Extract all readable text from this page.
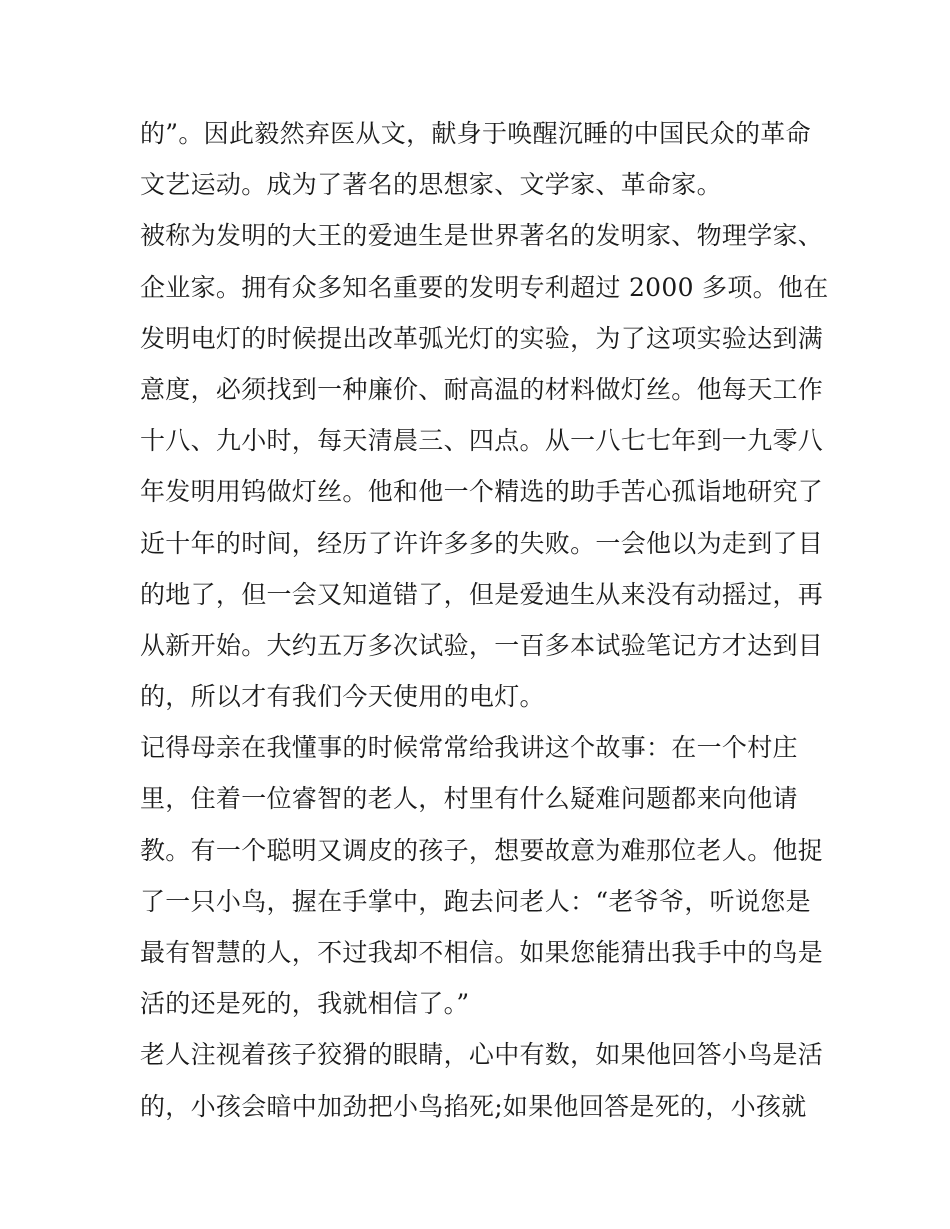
的”。因此毅然弃医从文，献身于唤醒沉睡的中国民众的革命
文艺运动。成为了著名的思想家、文学家、革命家。
被称为发明的大王的爱迪生是世界著名的发明家、物理学家、
企业家。拥有众多知名重要的发明专利超过 2000 多项。他在
发明电灯的时候提出改革弧光灯的实验，为了这项实验达到满
意度，必须找到一种廉价、耐高温的材料做灯丝。他每天工作
十八、九小时，每天清晨三、四点。从一八七七年到一九零八
年发明用钨做灯丝。他和他一个精选的助手苦心孤诣地研究了
近十年的时间，经历了许许多多的失败。一会他以为走到了目
的地了，但一会又知道错了，但是爱迪生从来没有动摇过，再
从新开始。大约五万多次试验，一百多本试验笔记方才达到目
的，所以才有我们今天使用的电灯。
记得母亲在我懂事的时候常常给我讲这个故事：在一个村庄
里，住着一位睿智的老人，村里有什么疑难问题都来向他请
教。有一个聪明又调皮的孩子，想要故意为难那位老人。他捉
了一只小鸟，握在手掌中，跑去问老人：“老爷爷，听说您是
最有智慧的人，不过我却不相信。如果您能猜出我手中的鸟是
活的还是死的，我就相信了。”
老人注视着孩子狡猾的眼睛，心中有数，如果他回答小鸟是活
的，小孩会暗中加劲把小鸟掐死;如果他回答是死的，小孩就
